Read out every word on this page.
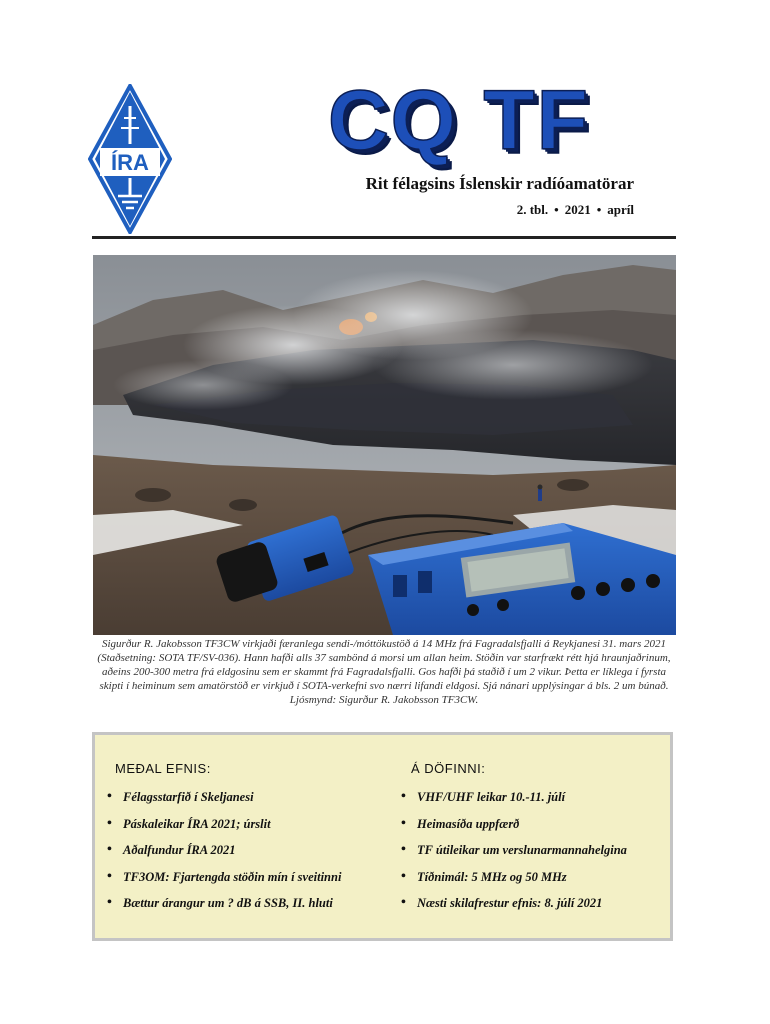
ÍRA CQ TF
Rit félagsins Íslenskir radíóamatörar
2. tbl. • 2021 • apríl
Sigurður R. Jakobsson TF3CW virkjaði færanlega sendi-/móttökustöð á 14 MHz frá Fagradalsfjalli á Reykjanesi 31. mars 2021 (Staðsetning: SOTA TF/SV-036). Hann hafði alls 37 sambönd á morsi um allan heim. Stöðin var starfrækt rétt hjá hraunjaðrinum, aðeins 200-300 metra frá eldgosinu sem er skammt frá Fagradalsfjalli. Gos hafði þá staðið í um 2 vikur. Þetta er líklega í fyrsta skipti í heiminum sem amatörstöð er virkjuð í SOTA-verkefni svo nærri lifandi eldgosi. Sjá nánari upplýsingar á bls. 2 um búnað. Ljósmynd: Sigurður R. Jakobsson TF3CW.
MEÐAL EFNIS:	Á DÖFINNI:
• Félagsstarfið í Skeljanesi
• Páskaleikar ÍRA 2021; úrslit
• Aðalfundur ÍRA 2021
• TF3OM: Fjartengda stöðin mín í sveitinni
• Bættur árangur um ? dB á SSB, II. hluti
• VHF/UHF leikar 10.-11. júlí
• Heimasíða uppfærð
• TF útileikar um verslunarmannahelgina
• Tíðnimál: 5 MHz og 50 MHz
• Næsti skilafrestur efnis: 8. júlí 2021
